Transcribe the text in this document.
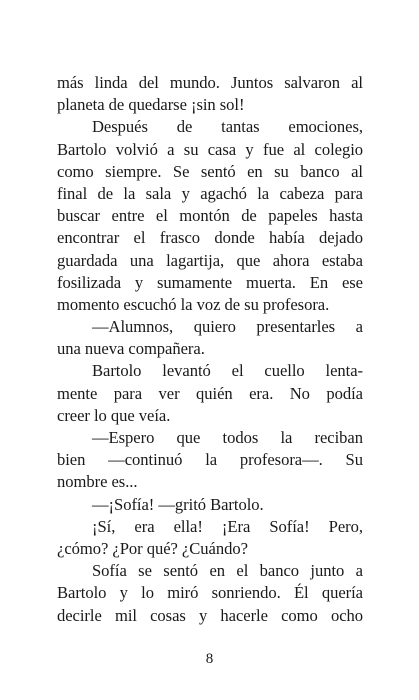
más linda del mundo. Juntos salvaron al
planeta de quedarse ¡sin sol!
Después de tantas emociones,
Bartolo volvió a su casa y fue al colegio
como siempre. Se sentó en su banco al
final de la sala y agachó la cabeza para
buscar entre el montón de papeles hasta
encontrar el frasco donde había dejado
guardada una lagartija, que ahora estaba
fosilizada y sumamente muerta. En ese
momento escuchó la voz de su profesora.
—Alumnos, quiero presentarles a
una nueva compañera.
Bartolo levantó el cuello lenta-
mente para ver quién era. No podía
creer lo que veía.
—Espero que todos la reciban
bien —continuó la profesora—. Su
nombre es...
—¡Sofía! —gritó Bartolo.
¡Sí, era ella! ¡Era Sofía! Pero,
¿cómo? ¿Por qué? ¿Cuándo?
Sofía se sentó en el banco junto a
Bartolo y lo miró sonriendo. Él quería
decirle mil cosas y hacerle como ocho
8
